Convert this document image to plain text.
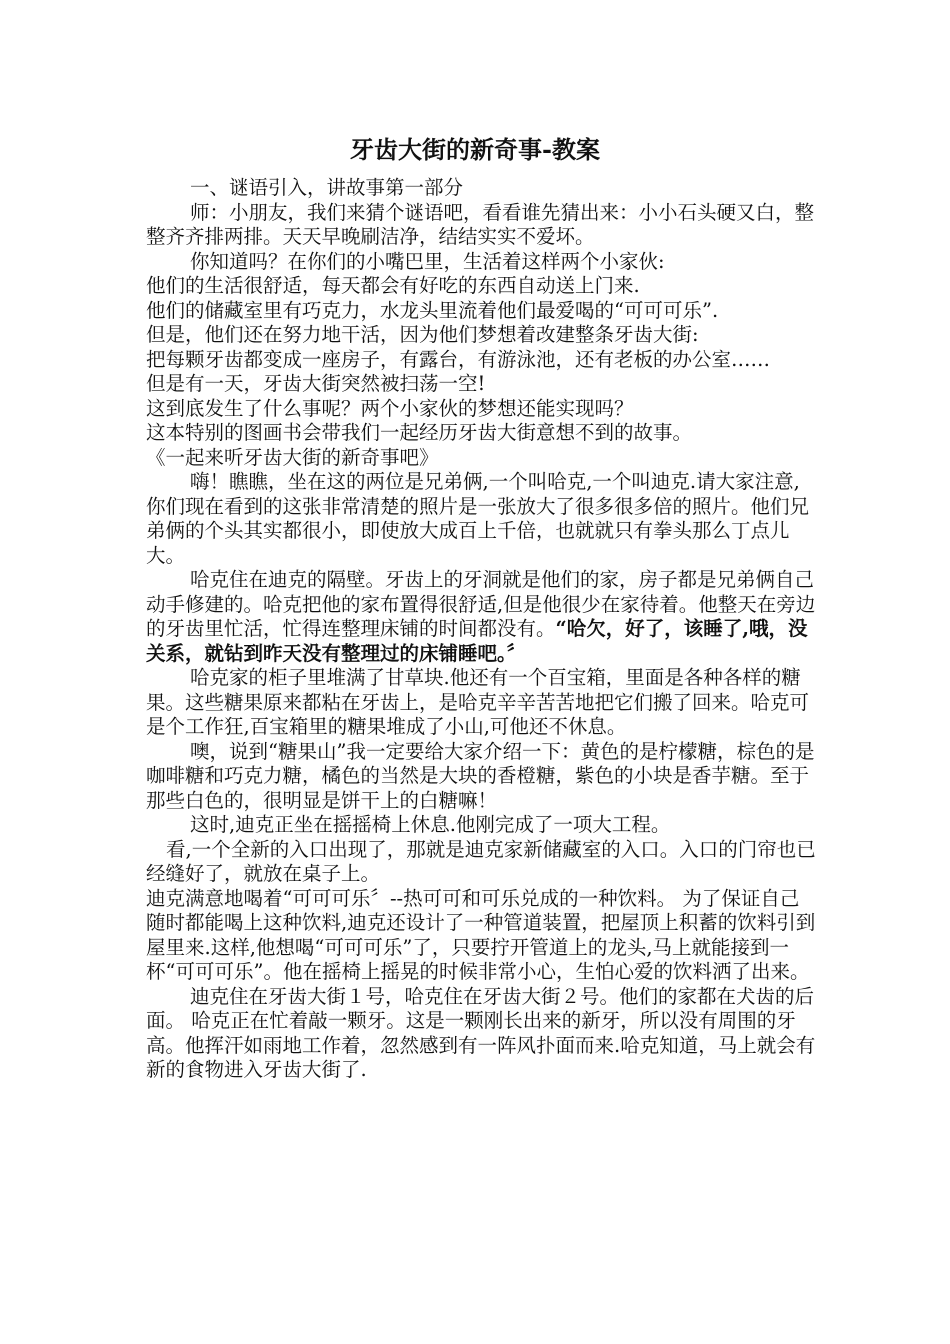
牙齿大街的新奇事-教案

一、谜语引入，讲故事第一部分

师：小朋友，我们来猜个谜语吧，看看谁先猜出来：小小石头硬又白，整整齐齐排两排。天天早晚刷洁净，结结实实不爱坏。

你知道吗？在你们的小嘴巴里，生活着这样两个小家伙:

他们的生活很舒适，每天都会有好吃的东西自动送上门来.

他们的储藏室里有巧克力，水龙头里流着他们最爱喝的“可可可乐”.

但是，他们还在努力地干活，因为他们梦想着改建整条牙齿大街:

把每颗牙齿都变成一座房子，有露台，有游泳池，还有老板的办公室……

但是有一天，牙齿大街突然被扫荡一空!

这到底发生了什么事呢？两个小家伙的梦想还能实现吗？

这本特别的图画书会带我们一起经历牙齿大街意想不到的故事。

《一起来听牙齿大街的新奇事吧》

嗨！瞧瞧，坐在这的两位是兄弟俩,一个叫哈克,一个叫迪克.请大家注意,你们现在看到的这张非常清楚的照片是一张放大了很多很多倍的照片。他们兄弟俩的个头其实都很小，即使放大成百上千倍，也就就只有拳头那么丁点儿大。

哈克住在迪克的隔壁。牙齿上的牙洞就是他们的家，房子都是兄弟俩自己动手修建的。哈克把他的家布置得很舒适,但是他很少在家待着。他整天在旁边的牙齿里忙活，忙得连整理床铺的时间都没有。“哈欠，好了，该睡了,哦，没关系，就钻到昨天没有整理过的床铺睡吧。〞

哈克家的柜子里堆满了甘草块.他还有一个百宝箱，里面是各种各样的糖果。这些糖果原来都粘在牙齿上，是哈克辛辛苦苦地把它们搬了回来。哈克可是个工作狂,百宝箱里的糖果堆成了小山,可他还不休息。

噢，说到“糖果山”我一定要给大家介绍一下：黄色的是柠檬糖，棕色的是咖啡糖和巧克力糖，橘色的当然是大块的香橙糖，紫色的小块是香芋糖。至于那些白色的，很明显是饼干上的白糖嘛！

这时,迪克正坐在摇摇椅上休息.他刚完成了一项大工程。

看,一个全新的入口出现了，那就是迪克家新储藏室的入口。入口的门帘也已经缝好了，就放在桌子上。

迪克满意地喝着“可可可乐〞--热可可和可乐兑成的一种饮料。 为了保证自己随时都能喝上这种饮料,迪克还设计了一种管道装置，把屋顶上积蓄的饮料引到屋里来.这样,他想喝“可可可乐”了，只要拧开管道上的龙头,马上就能接到一杯“可可可乐”。他在摇椅上摇晃的时候非常小心，生怕心爱的饮料洒了出来。

迪克住在牙齿大街１号，哈克住在牙齿大街２号。他们的家都在犬齿的后面。 哈克正在忙着敲一颗牙。这是一颗刚长出来的新牙，所以没有周围的牙高。他挥汗如雨地工作着，忽然感到有一阵风扑面而来.哈克知道，马上就会有新的食物进入牙齿大街了.
